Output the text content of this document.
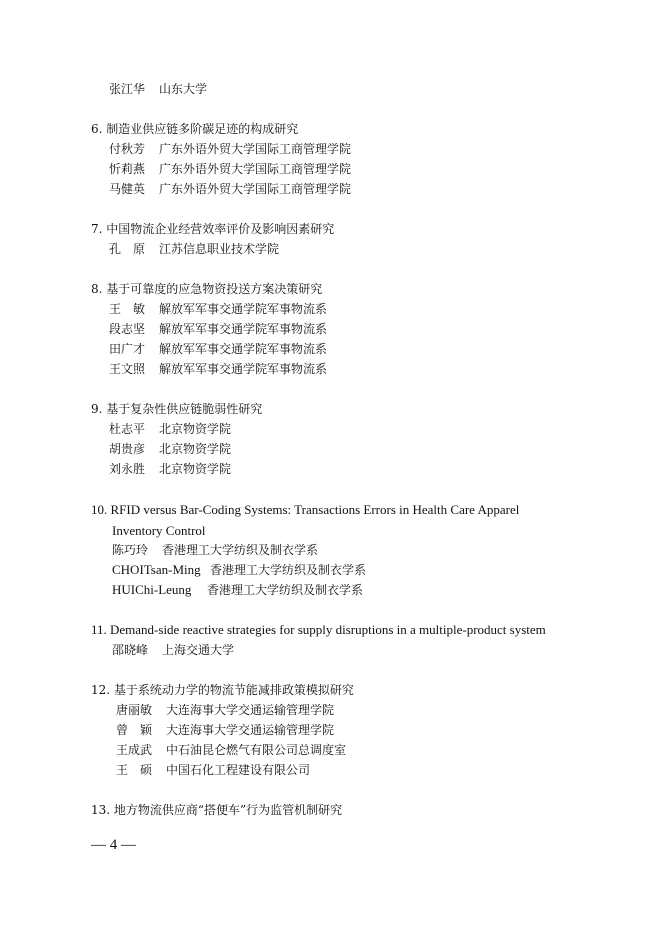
张江华 山东大学
6. 制造业供应链多阶碳足迹的构成研究
付秋芳 广东外语外贸大学国际工商管理学院
忻莉燕 广东外语外贸大学国际工商管理学院
马健英 广东外语外贸大学国际工商管理学院
7. 中国物流企业经营效率评价及影响因素研究
孔　原 江苏信息职业技术学院
8. 基于可靠度的应急物资投送方案决策研究
王　敏 解放军军事交通学院军事物流系
段志坚 解放军军事交通学院军事物流系
田广才 解放军军事交通学院军事物流系
王文照 解放军军事交通学院军事物流系
9. 基于复杂性供应链脆弱性研究
杜志平 北京物资学院
胡贵彦 北京物资学院
刘永胜 北京物资学院
10. RFID versus Bar-Coding Systems: Transactions Errors in Health Care Apparel
Inventory Control
陈巧玲 香港理工大学纺织及制衣学系
CHOITsan-Ming 香港理工大学纺织及制衣学系
HUIChi-Leung 香港理工大学纺织及制衣学系
11. Demand-side reactive strategies for supply disruptions in a multiple-product system
邵晓峰 上海交通大学
12. 基于系统动力学的物流节能减排政策模拟研究
唐丽敏 大连海事大学交通运输管理学院
曾　颖 大连海事大学交通运输管理学院
王成武 中石油昆仑燃气有限公司总调度室
王　硕 中国石化工程建设有限公司
13. 地方物流供应商“搭便车”行为监管机制研究
— 4 —
